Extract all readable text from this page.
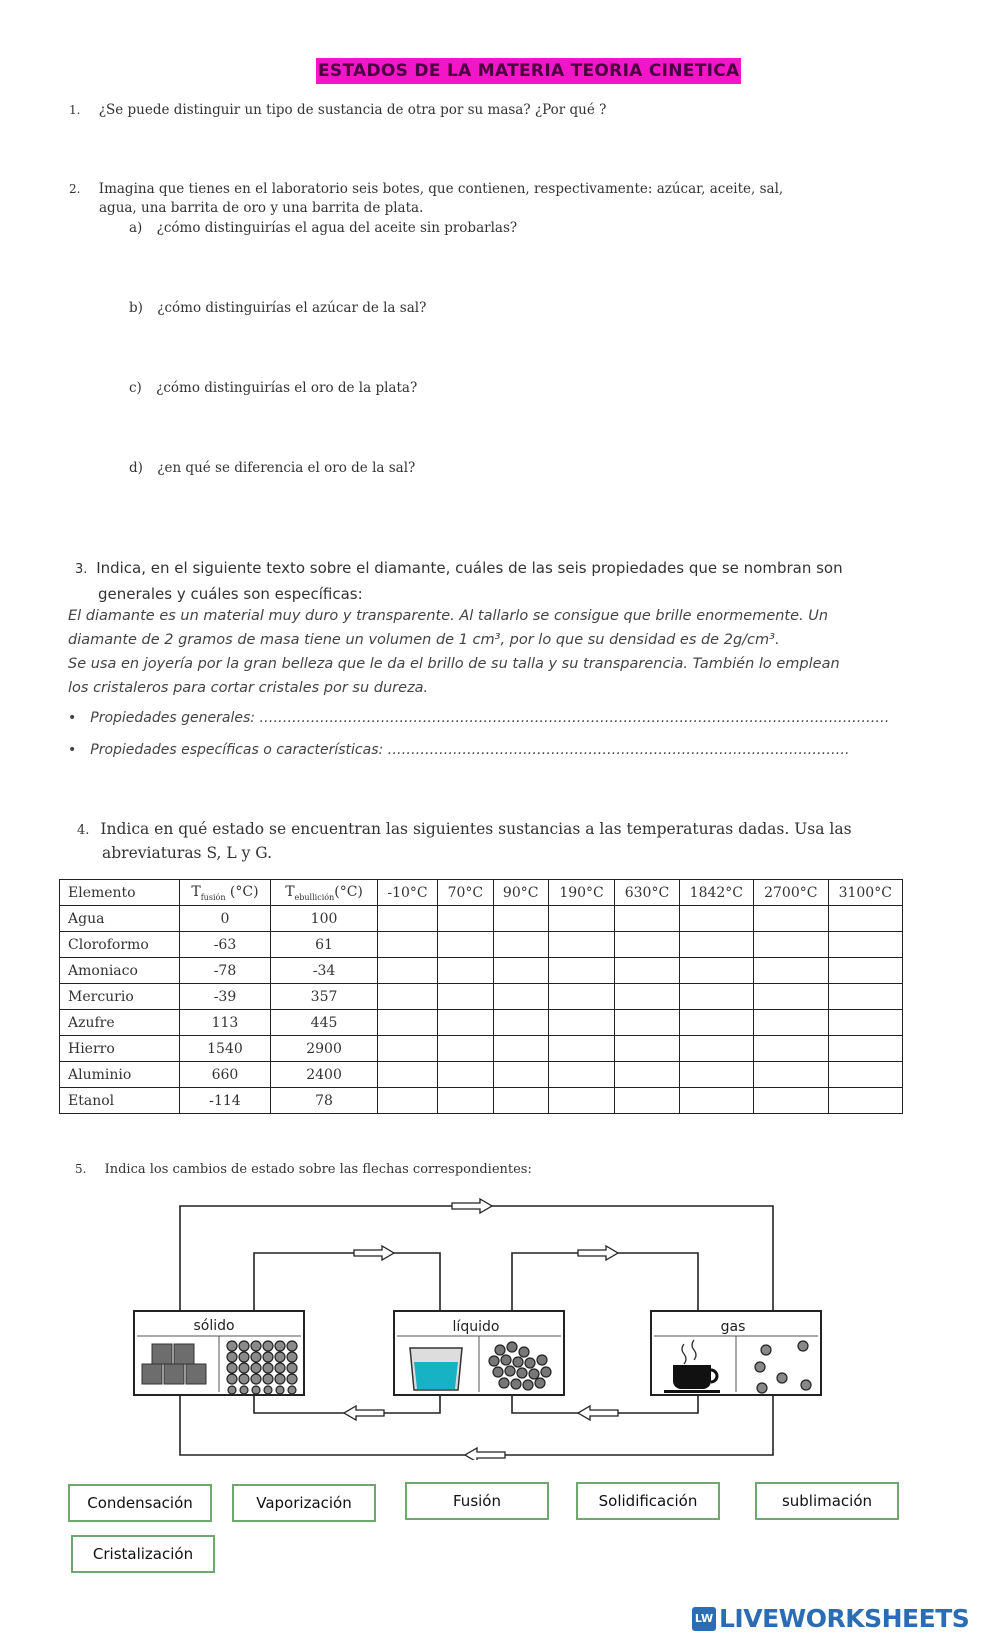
ESTADOS DE LA MATERIA TEORIA CINETICA
1. ¿Se puede distinguir un tipo de sustancia de otra por su masa? ¿Por qué ?
2. Imagina que tienes en el laboratorio seis botes, que contienen, respectivamente: azúcar, aceite, sal,
agua, una barrita de oro y una barrita de plata.
a) ¿cómo distinguirías el agua del aceite sin probarlas?
b) ¿cómo distinguirías el azúcar de la sal?
c) ¿cómo distinguirías el oro de la plata?
d) ¿en qué se diferencia el oro de la sal?
3. Indica, en el siguiente texto sobre el diamante, cuáles de las seis propiedades que se nombran son
generales y cuáles son específicas:
El diamante es un material muy duro y transparente. Al tallarlo se consigue que brille enormemente. Un
diamante de 2 gramos de masa tiene un volumen de 1 cm³, por lo que su densidad es de 2g/cm³.
Se usa en joyería por la gran belleza que le da el brillo de su talla y su transparencia. También lo emplean
los cristaleros para cortar cristales por su dureza.
• Propiedades generales: ………………………………………………………………………………………………………………………
• Propiedades específicas o características: ………………………………………………………………………………………
4. Indica en qué estado se encuentran las siguientes sustancias a las temperaturas dadas. Usa las
abreviaturas S, L y G.
Elemento	$T_{fusión}$ (°C)	$T_{ebullición}(^\circ C)$	-10°C	70°C	90°C	190°C	630°C	1842°C	2700°C	3100°C
Agua	0	100								
Cloroformo	-63	61								
Amoniaco	-78	-34								
Mercurio	-39	357								
Azufre	113	445								
Hierro	1540	2900								
Aluminio	660	2400								
Etanol	-114	78								
5. Indica los cambios de estado sobre las flechas correspondientes:
sólido	líquido	gas
Condensación	Vaporización	Fusión	Solidificación	sublimación
Cristalización
LW LIVEWORKSHEETS
